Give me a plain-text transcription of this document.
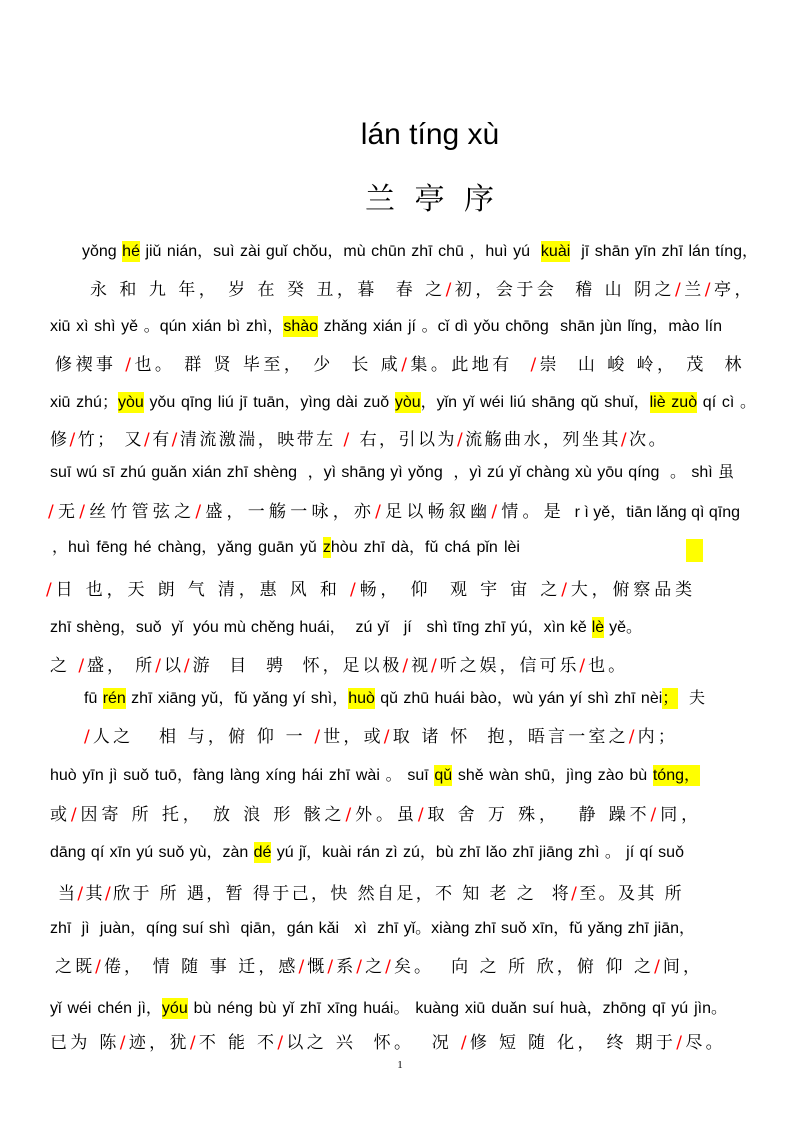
lán tíng xù
兰 亭 序
yǒng hé jiǔ nián，suì zài guǐ chǒu，mù chūn zhī chū ，huì yú  kuài  jī shān yīn zhī lán tíng，
永 和 九 年， 岁 在 癸 丑，暮  春 之/初，会于会  稽 山 阴之/兰/亭，
xiū xì shì yě 。qún xián bì zhì，shào zhǎng xián jí 。cǐ dì yǒu chōng  shān jùn lǐng，mào lín
修禊事 /也。 群 贤 毕至， 少  长 咸/集。此地有  /崇  山 峻 岭， 茂  林
xiū zhú；yòu yǒu qīng liú jī tuān，yìng dài zuǒ yòu，yǐn yǐ wéi liú shāng qǔ shuǐ，liè zuò qí cì 。
修/竹； 又/有/清流激湍，映带左 / 右，引以为/流觞曲水，列坐其/次。
suī wú sī zhú guǎn xián zhī shèng  ，yì shāng yì yǒng  ，yì zú yǐ chàng xù yōu qíng  。 shì 虽
/无/丝竹管弦之/盛，一觞一咏，亦/足以畅叙幽/情。是 r ì yě，tiān lǎng qì qīng
，huì fēng hé chàng，yǎng guān yǔ zhòu zhī dà，fǔ chá pǐn lèi
/日 也，天 朗 气 清，惠 风 和 /畅， 仰  观 宇 宙 之/大，俯察品类
zhī shèng，suǒ  yǐ  yóu mù chěng huái，  zú yǐ   jí   shì tīng zhī yú，xìn kě lè yě。
之 /盛， 所/以/游  目  骋  怀，足以极/视/听之娱，信可乐/也。
fū rén zhī xiāng yǔ，fǔ yǎng yí shì，huò qǔ zhū huái bào，wù yán yí shì zhī nèi；  夫
/人之   相 与，俯 仰 一 /世，或/取 诸 怀  抱，晤言一室之/内；
huò yīn jì suǒ tuō，fàng làng xíng hái zhī wài 。 suī qǔ shě wàn shū，jìng zào bù tóng，
或/因寄 所 托， 放 浪 形 骸之/外。虽/取 舍 万 殊，  静 躁不/同，
dāng qí xīn yú suǒ yù，zàn dé yú jǐ，kuài rán zì zú，bù zhī lǎo zhī jiāng zhì 。 jí qí suǒ
当/其/欣于 所 遇，暂 得于己，快 然自足，不 知 老 之  将/至。及其 所
zhī  jì  juàn，qíng suí shì  qiān，gán kǎi   xì  zhī yǐ。xiàng zhī suǒ xīn，fǔ yǎng zhī jiān，
之既/倦， 情 随 事 迁，感/慨/系/之/矣。  向 之 所 欣，俯 仰 之/间，
yǐ wéi chén jì，yóu bù néng bù yǐ zhī xīng huái。 kuàng xiū duǎn suí huà，zhōng qī yú jìn。
已为 陈/迹，犹/不 能 不/以之 兴  怀。  况 /修 短 随 化， 终 期于/尽。
1
